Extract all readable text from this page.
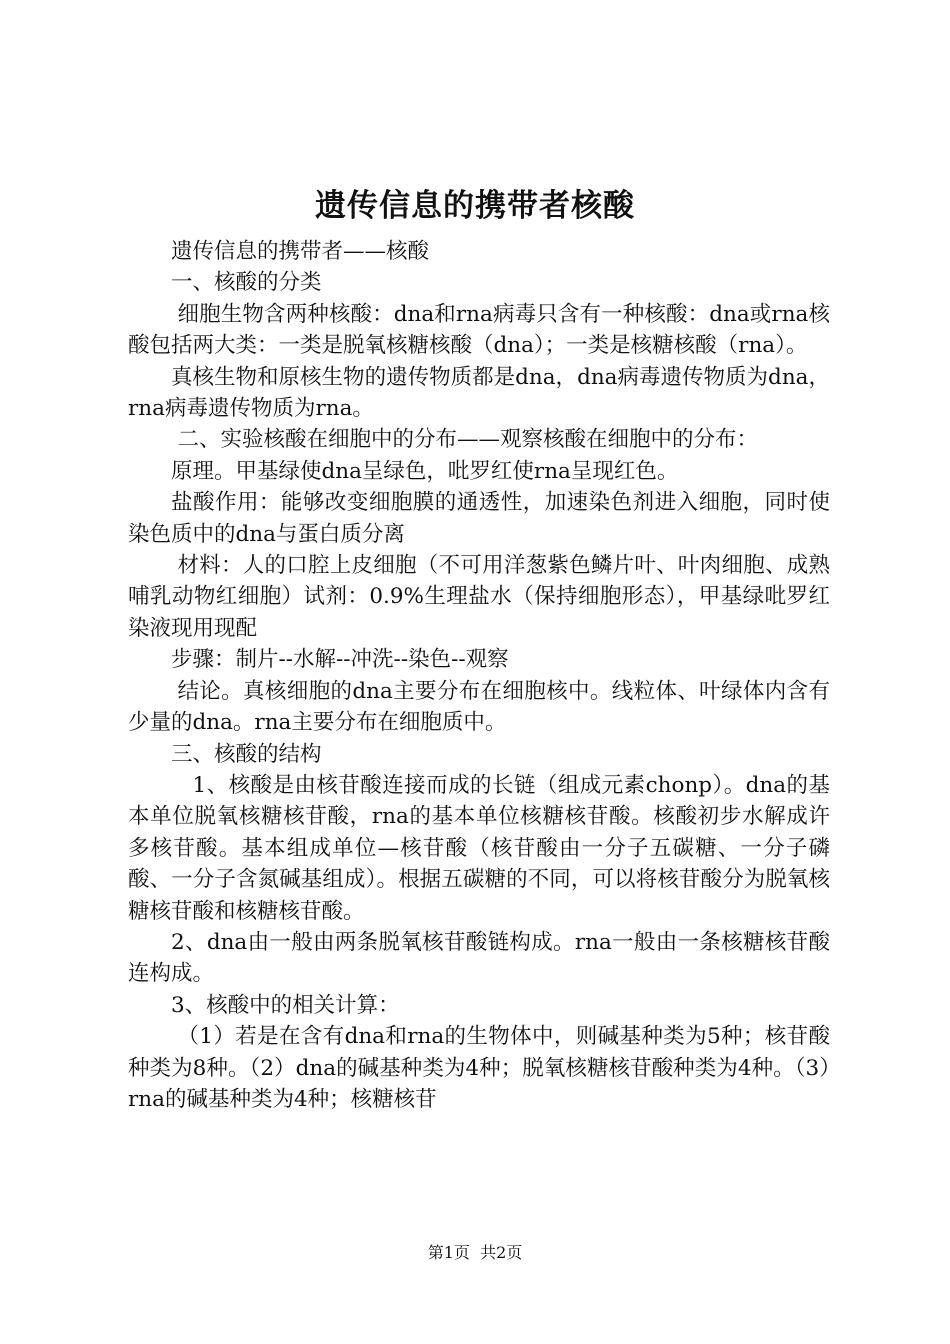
遗传信息的携带者核酸

遗传信息的携带者——核酸

一、核酸的分类

细胞生物含两种核酸：dna和rna病毒只含有一种核酸：dna或rna核酸包括两大类：一类是脱氧核糖核酸（dna）；一类是核糖核酸（rna）。

真核生物和原核生物的遗传物质都是dna，dna病毒遗传物质为dna，rna病毒遗传物质为rna。

二、实验核酸在细胞中的分布——观察核酸在细胞中的分布：

原理。甲基绿使dna呈绿色，吡罗红使rna呈现红色。

盐酸作用：能够改变细胞膜的通透性，加速染色剂进入细胞，同时使染色质中的dna与蛋白质分离

材料：人的口腔上皮细胞（不可用洋葱紫色鳞片叶、叶肉细胞、成熟哺乳动物红细胞）试剂：0.9%生理盐水（保持细胞形态），甲基绿吡罗红染液现用现配

步骤：制片--水解--冲洗--染色--观察

结论。真核细胞的dna主要分布在细胞核中。线粒体、叶绿体内含有少量的dna。rna主要分布在细胞质中。

三、核酸的结构

1、核酸是由核苷酸连接而成的长链（组成元素chonp）。dna的基本单位脱氧核糖核苷酸，rna的基本单位核糖核苷酸。核酸初步水解成许多核苷酸。基本组成单位—核苷酸（核苷酸由一分子五碳糖、一分子磷酸、一分子含氮碱基组成）。根据五碳糖的不同，可以将核苷酸分为脱氧核糖核苷酸和核糖核苷酸。

2、dna由一般由两条脱氧核苷酸链构成。rna一般由一条核糖核苷酸连构成。

3、核酸中的相关计算：

（1）若是在含有dna和rna的生物体中，则碱基种类为5种；核苷酸种类为8种。（2）dna的碱基种类为4种；脱氧核糖核苷酸种类为4种。（3）rna的碱基种类为4种；核糖核苷

第1页  共2页
